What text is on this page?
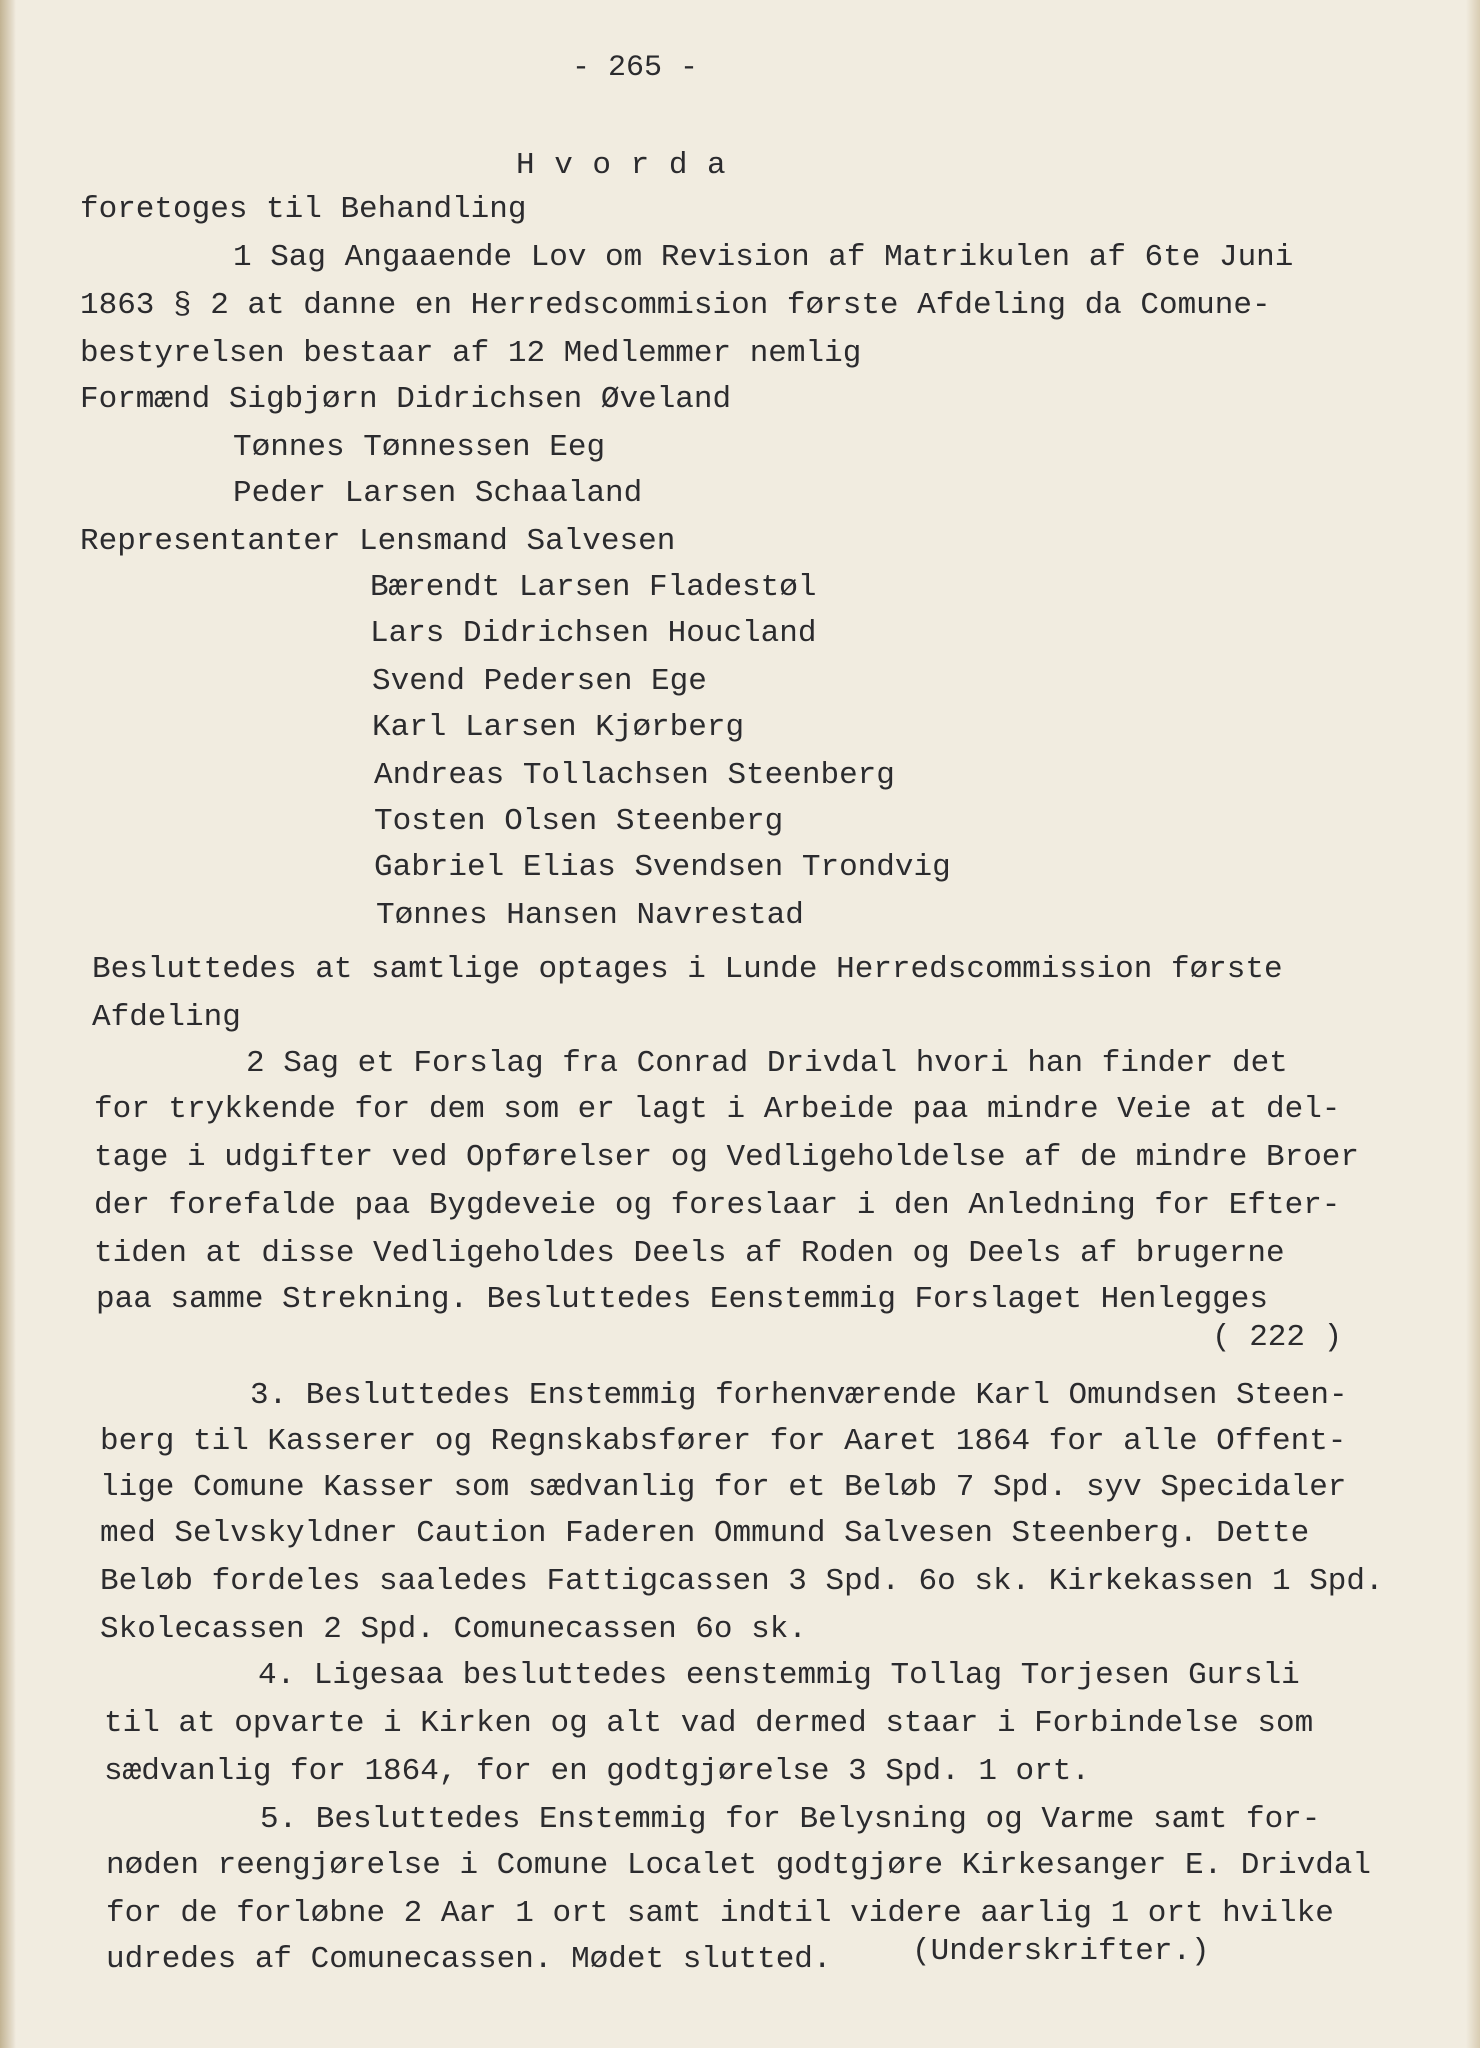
- 265 -
H v o r d a
foretoges til Behandling
1 Sag Angaaende Lov om Revision af Matrikulen af 6te Juni
1863 § 2 at danne en Herredscommision første Afdeling da Comune-
bestyrelsen bestaar af 12 Medlemmer nemlig
Formænd Sigbjørn Didrichsen Øveland
Tønnes Tønnessen Eeg
Peder Larsen Schaaland
Representanter Lensmand Salvesen
Bærendt Larsen Fladestøl
Lars Didrichsen Houcland
Svend Pedersen Ege
Karl Larsen Kjørberg
Andreas Tollachsen Steenberg
Tosten Olsen Steenberg
Gabriel Elias Svendsen Trondvig
Tønnes Hansen Navrestad
Besluttedes at samtlige optages i Lunde Herredscommission første
Afdeling
2 Sag et Forslag fra Conrad Drivdal hvori han finder det
for trykkende for dem som er lagt i Arbeide paa mindre Veie at del-
tage i udgifter ved Opførelser og Vedligeholdelse af de mindre Broer
der forefalde paa Bygdeveie og foreslaar i den Anledning for Efter-
tiden at disse Vedligeholdes Deels af Roden og Deels af brugerne
paa samme Strekning. Besluttedes Eenstemmig Forslaget Henlegges
( 222 )
3. Besluttedes Enstemmig forhenværende Karl Omundsen Steen-
berg til Kasserer og Regnskabsfører for Aaret 1864 for alle Offent-
lige Comune Kasser som sædvanlig for et Beløb 7 Spd. syv Specidaler
med Selvskyldner Caution Faderen Ommund Salvesen Steenberg. Dette
Beløb fordeles saaledes Fattigcassen 3 Spd. 6o sk. Kirkekassen 1 Spd.
Skolecassen 2 Spd. Comunecassen 6o sk.
4. Ligesaa besluttedes eenstemmig Tollag Torjesen Gursli
til at opvarte i Kirken og alt vad dermed staar i Forbindelse som
sædvanlig for 1864, for en godtgjørelse 3 Spd. 1 ort.
5. Besluttedes Enstemmig for Belysning og Varme samt for-
nøden reengjørelse i Comune Localet godtgjøre Kirkesanger E. Drivdal
for de forløbne 2 Aar 1 ort samt indtil videre aarlig 1 ort hvilke
udredes af Comunecassen. Mødet slutted.	(Underskrifter.)
